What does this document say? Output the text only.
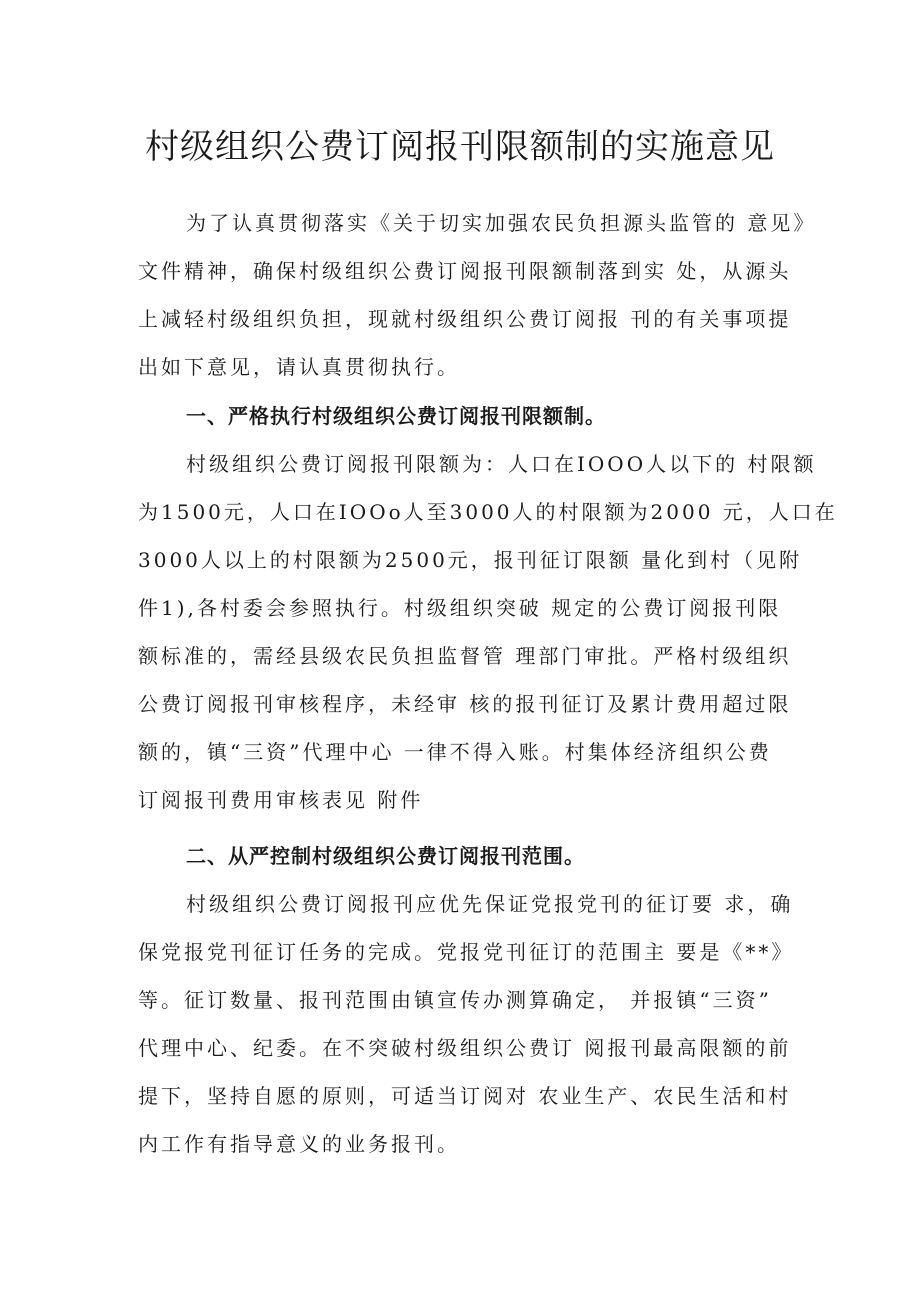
村级组织公费订阅报刊限额制的实施意见

为了认真贯彻落实《关于切实加强农民负担源头监管的 意见》

文件精神，确保村级组织公费订阅报刊限额制落到实 处，从源头

上减轻村级组织负担，现就村级组织公费订阅报 刊的有关事项提

出如下意见，请认真贯彻执行。

一、严格执行村级组织公费订阅报刊限额制。

村级组织公费订阅报刊限额为：人口在IOOO人以下的 村限额

为1500元，人口在IOOo人至3000人的村限额为2000 元，人口在

3000人以上的村限额为2500元，报刊征订限额 量化到村（见附

件1),各村委会参照执行。村级组织突破 规定的公费订阅报刊限

额标准的，需经县级农民负担监督管 理部门审批。严格村级组织

公费订阅报刊审核程序，未经审 核的报刊征订及累计费用超过限

额的，镇“三资”代理中心 一律不得入账。村集体经济组织公费

订阅报刊费用审核表见 附件

二、从严控制村级组织公费订阅报刊范围。

村级组织公费订阅报刊应优先保证党报党刊的征订要 求，确

保党报党刊征订任务的完成。党报党刊征订的范围主 要是《**》

等。征订数量、报刊范围由镇宣传办测算确定， 并报镇“三资”

代理中心、纪委。在不突破村级组织公费订 阅报刊最高限额的前

提下，坚持自愿的原则，可适当订阅对 农业生产、农民生活和村

内工作有指导意义的业务报刊。
